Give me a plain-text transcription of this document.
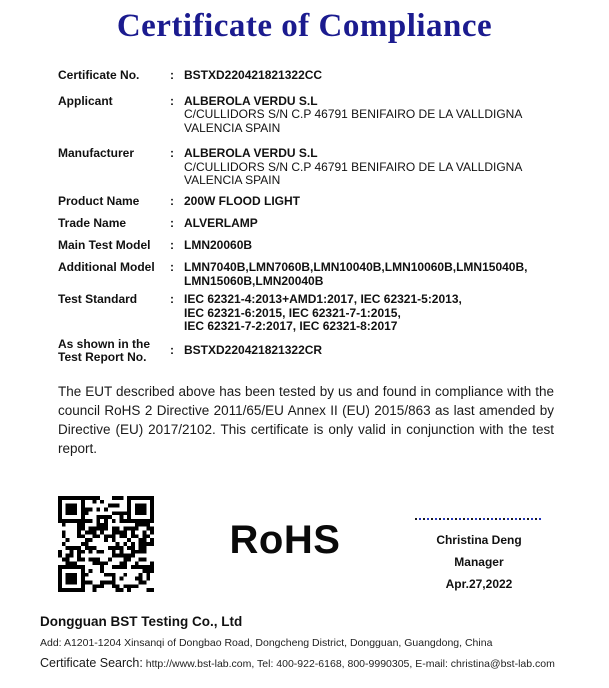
Certificate of Compliance
Certificate No.	: BSTXD220421821322CC
Applicant	: ALBEROLA VERDU S.L
C/CULLIDORS S/N C.P 46791 BENIFAIRO DE LA VALLDIGNA
VALENCIA SPAIN
Manufacturer	: ALBEROLA VERDU S.L
C/CULLIDORS S/N C.P 46791 BENIFAIRO DE LA VALLDIGNA
VALENCIA SPAIN
Product Name	: 200W FLOOD LIGHT
Trade Name	: ALVERLAMP
Main Test Model	: LMN20060B
Additional Model	: LMN7040B,LMN7060B,LMN10040B,LMN10060B,LMN15040B,
LMN15060B,LMN20040B
Test Standard	: IEC 62321-4:2013+AMD1:2017, IEC 62321-5:2013,
IEC 62321-6:2015, IEC 62321-7-1:2015,
IEC 62321-7-2:2017, IEC 62321-8:2017
As shown in the Test Report No.	: BSTXD220421821322CR
The EUT described above has been tested by us and found in compliance with the council RoHS 2 Directive 2011/65/EU Annex II (EU) 2015/863 as last amended by Directive (EU) 2017/2102. This certificate is only valid in conjunction with the test report.
RoHS	Christina Deng
Manager
Apr.27,2022
Dongguan BST Testing Co., Ltd
Add: A1201-1204 Xinsanqi of Dongbao Road, Dongcheng District, Dongguan, Guangdong, China
Certificate Search: http://www.bst-lab.com, Tel: 400-922-6168, 800-9990305, E-mail: christina@bst-lab.com
